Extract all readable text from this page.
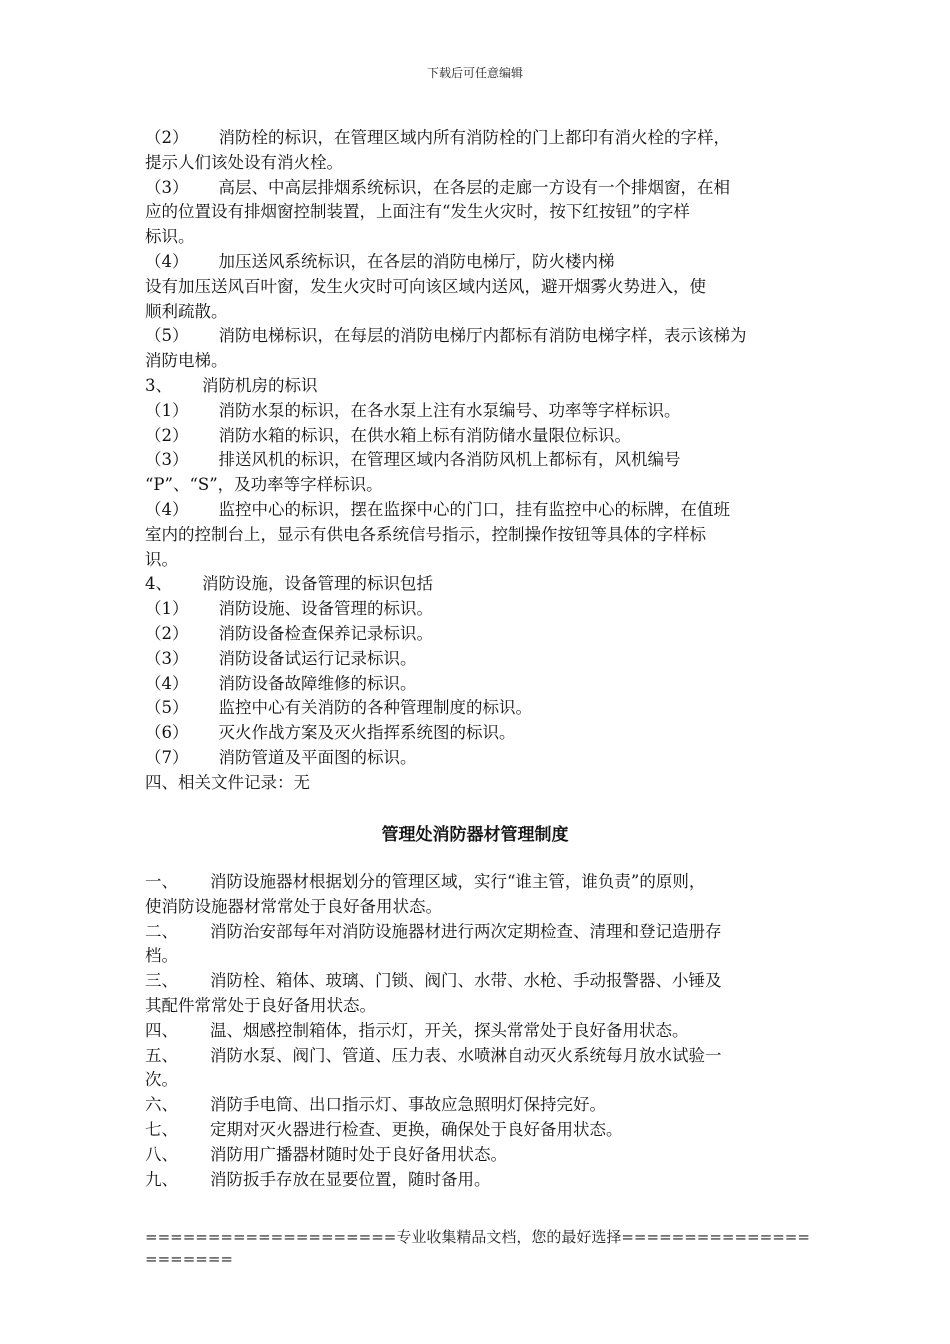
下载后可任意编辑

（2） 消防栓的标识，在管理区域内所有消防栓的门上都印有消火栓的字样，

提示人们该处设有消火栓。

（3） 高层、中高层排烟系统标识，在各层的走廊一方设有一个排烟窗，在相

应的位置设有排烟窗控制装置，上面注有“发生火灾时，按下红按钮”的字样

标识。

（4） 加压送风系统标识，在各层的消防电梯厅，防火楼内梯

设有加压送风百叶窗，发生火灾时可向该区域内送风，避开烟雾火势进入，使

顺利疏散。

（5） 消防电梯标识，在每层的消防电梯厅内都标有消防电梯字样，表示该梯为

消防电梯。

3、 消防机房的标识

（1） 消防水泵的标识，在各水泵上注有水泵编号、功率等字样标识。

（2） 消防水箱的标识，在供水箱上标有消防储水量限位标识。

（3） 排送风机的标识，在管理区域内各消防风机上都标有，风机编号

“P”、“S”，及功率等字样标识。

（4） 监控中心的标识，摆在监探中心的门口，挂有监控中心的标牌，在值班

室内的控制台上，显示有供电各系统信号指示，控制操作按钮等具体的字样标

识。

4、 消防设施，设备管理的标识包括

（1） 消防设施、设备管理的标识。

（2） 消防设备检查保养记录标识。

（3） 消防设备试运行记录标识。

（4） 消防设备故障维修的标识。

（5） 监控中心有关消防的各种管理制度的标识。

（6） 灭火作战方案及灭火指挥系统图的标识。

（7） 消防管道及平面图的标识。

四、相关文件记录：无

管理处消防器材管理制度

一、 消防设施器材根据划分的管理区域，实行“谁主管，谁负责”的原则，

使消防设施器材常常处于良好备用状态。

二、 消防治安部每年对消防设施器材进行两次定期检查、清理和登记造册存

档。

三、 消防栓、箱体、玻璃、门锁、阀门、水带、水枪、手动报警器、小锤及

其配件常常处于良好备用状态。

四、 温、烟感控制箱体，指示灯，开关，探头常常处于良好备用状态。

五、 消防水泵、阀门、管道、压力表、水喷淋自动灭火系统每月放水试验一

次。

六、 消防手电筒、出口指示灯、事故应急照明灯保持完好。

七、 定期对灭火器进行检查、更换，确保处于良好备用状态。

八、 消防用广播器材随时处于良好备用状态。

九、 消防扳手存放在显要位置，随时备用。

====================专业收集精品文档，您的最好选择======================
